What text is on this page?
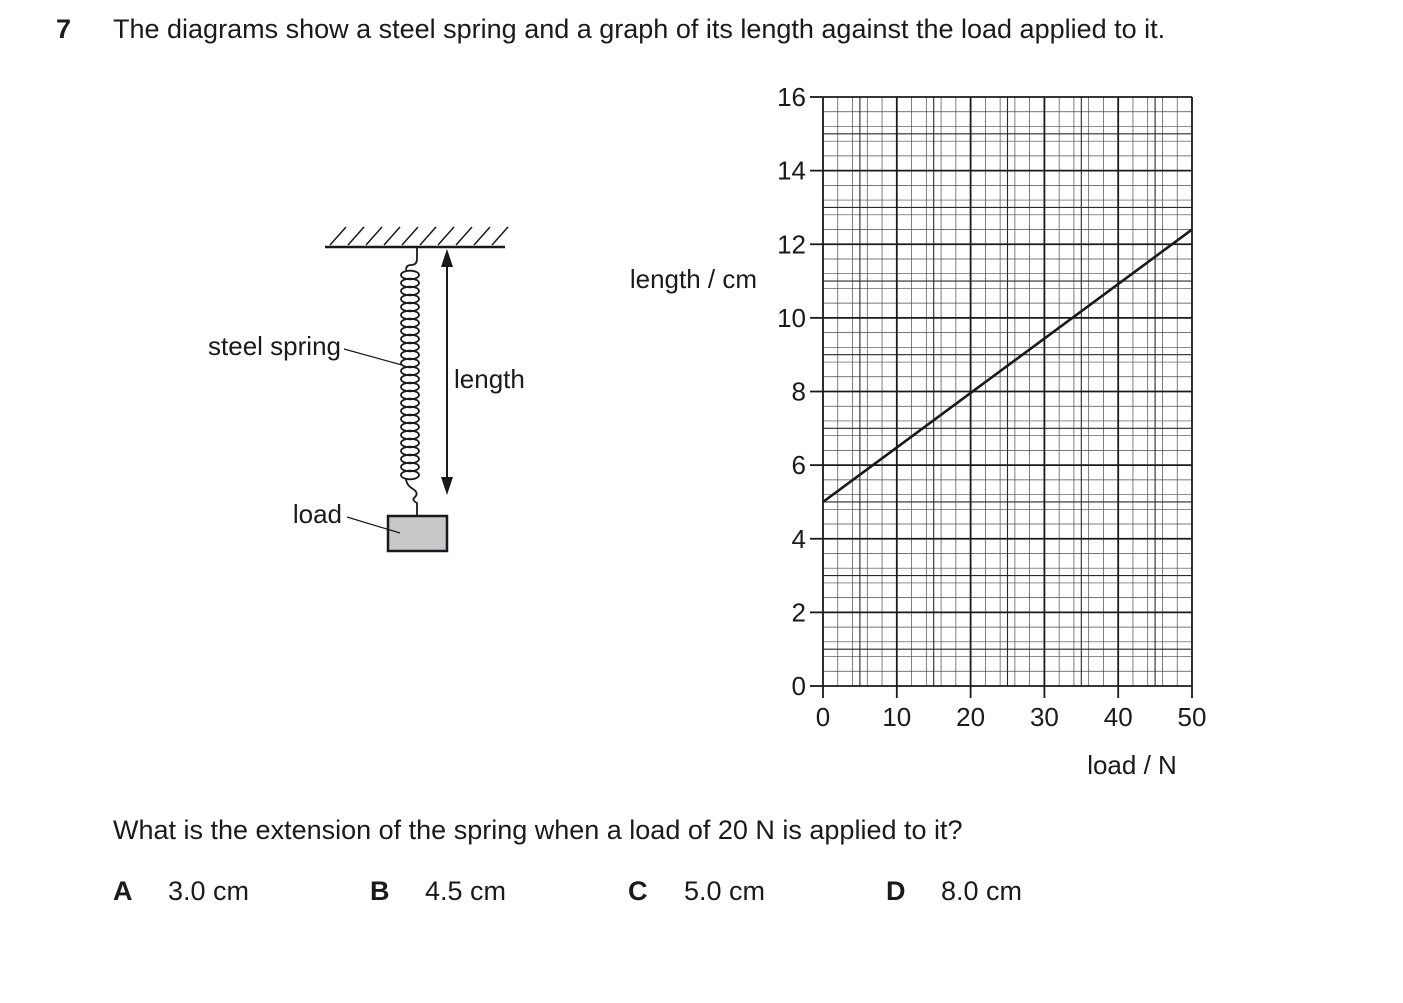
7 The diagrams show a steel spring and a graph of its length against the load applied to it.
steel spring
length
load
0
2
4
6
8
10
12
14
16
0 10 20 30 40 50
length / cm
load / N
What is the extension of the spring when a load of 20 N is applied to it?
A 3.0 cm	B 4.5 cm	C 5.0 cm	D 8.0 cm
